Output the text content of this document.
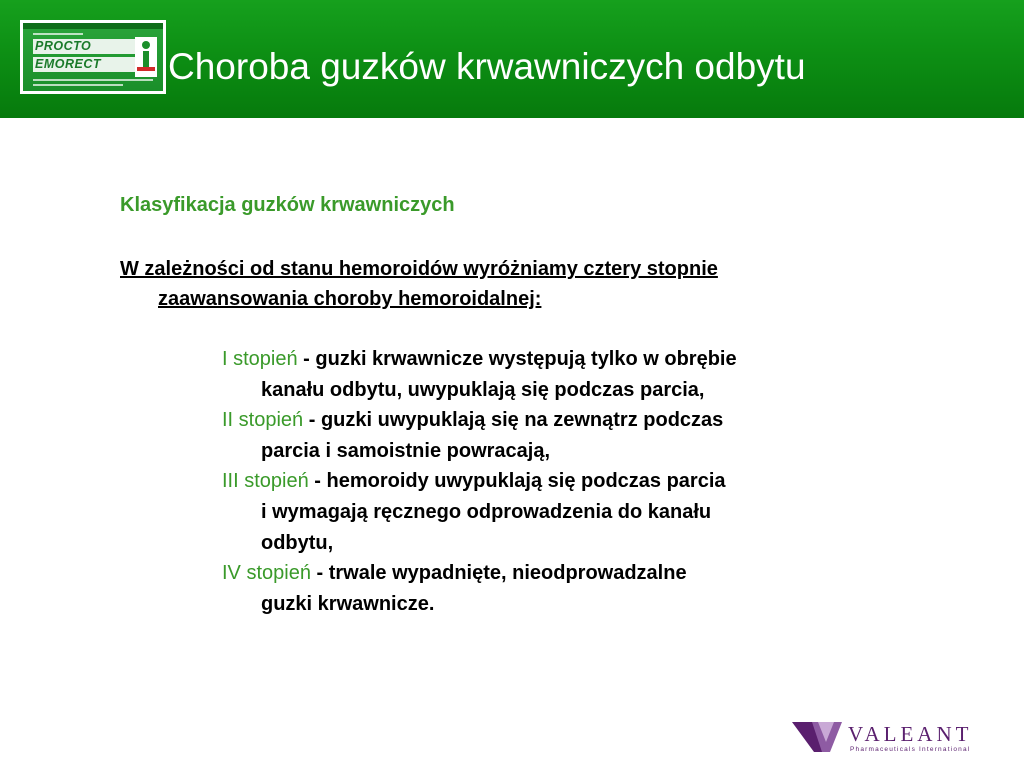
PROCTO
EMORECT	Choroba guzków krwawniczych odbytu
Klasyfikacja guzków krwawniczych
W zależności od stanu hemoroidów wyróżniamy cztery stopnie
zaawansowania choroby hemoroidalnej:
I stopień - guzki krwawnicze występują tylko w obrębie
kanału odbytu, uwypuklają się podczas parcia,
II stopień - guzki uwypuklają się na zewnątrz podczas
parcia i samoistnie powracają,
III stopień - hemoroidy uwypuklają się podczas parcia
i wymagają ręcznego odprowadzenia do kanału
odbytu,
IV stopień - trwale wypadnięte, nieodprowadzalne
guzki krwawnicze.
VALEANT
Pharmaceuticals International
